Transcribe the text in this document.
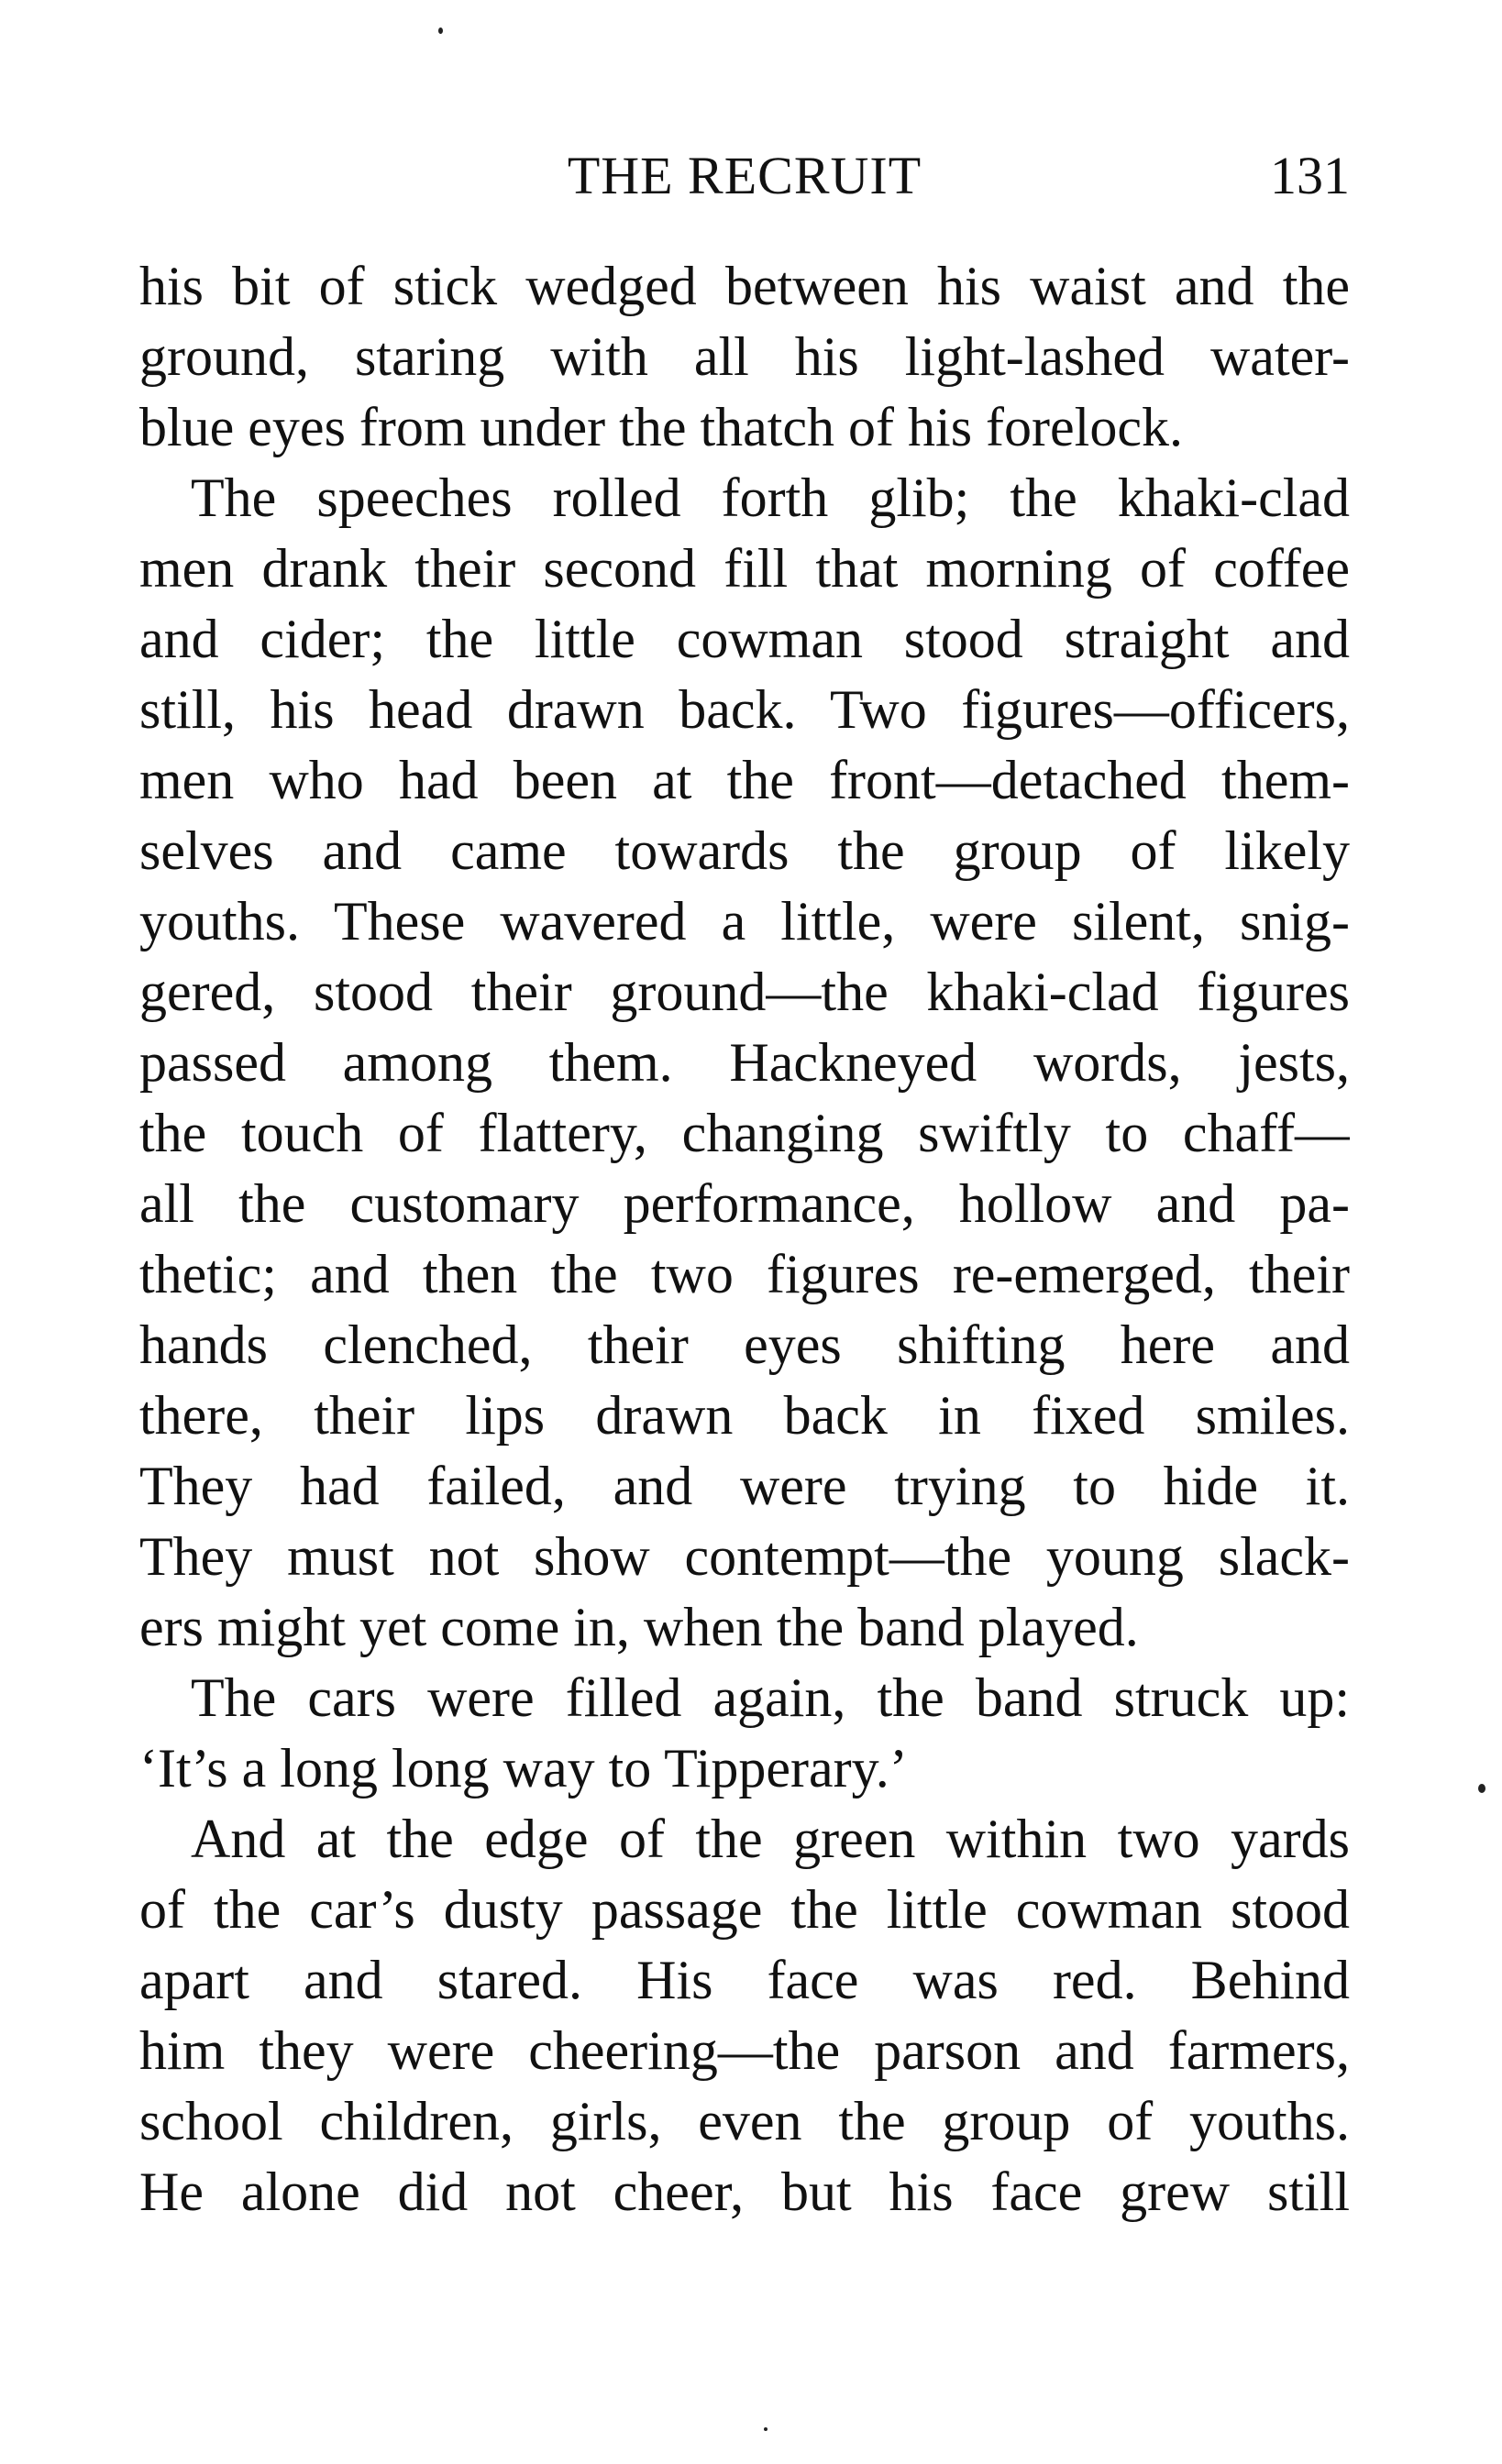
THE RECRUIT	131
his bit of stick wedged between his waist and the
ground, staring with all his light-lashed water-
blue eyes from under the thatch of his forelock.
The speeches rolled forth glib; the khaki-clad
men drank their second fill that morning of coffee
and cider; the little cowman stood straight and
still, his head drawn back. Two figures—officers,
men who had been at the front—detached them-
selves and came towards the group of likely
youths. These wavered a little, were silent, snig-
gered, stood their ground—the khaki-clad figures
passed among them. Hackneyed words, jests,
the touch of flattery, changing swiftly to chaff—
all the customary performance, hollow and pa-
thetic; and then the two figures re-emerged, their
hands clenched, their eyes shifting here and
there, their lips drawn back in fixed smiles.
They had failed, and were trying to hide it.
They must not show contempt—the young slack-
ers might yet come in, when the band played.
The cars were filled again, the band struck up:
‘It’s a long long way to Tipperary.’
And at the edge of the green within two yards
of the car’s dusty passage the little cowman stood
apart and stared. His face was red. Behind
him they were cheering—the parson and farmers,
school children, girls, even the group of youths.
He alone did not cheer, but his face grew still
